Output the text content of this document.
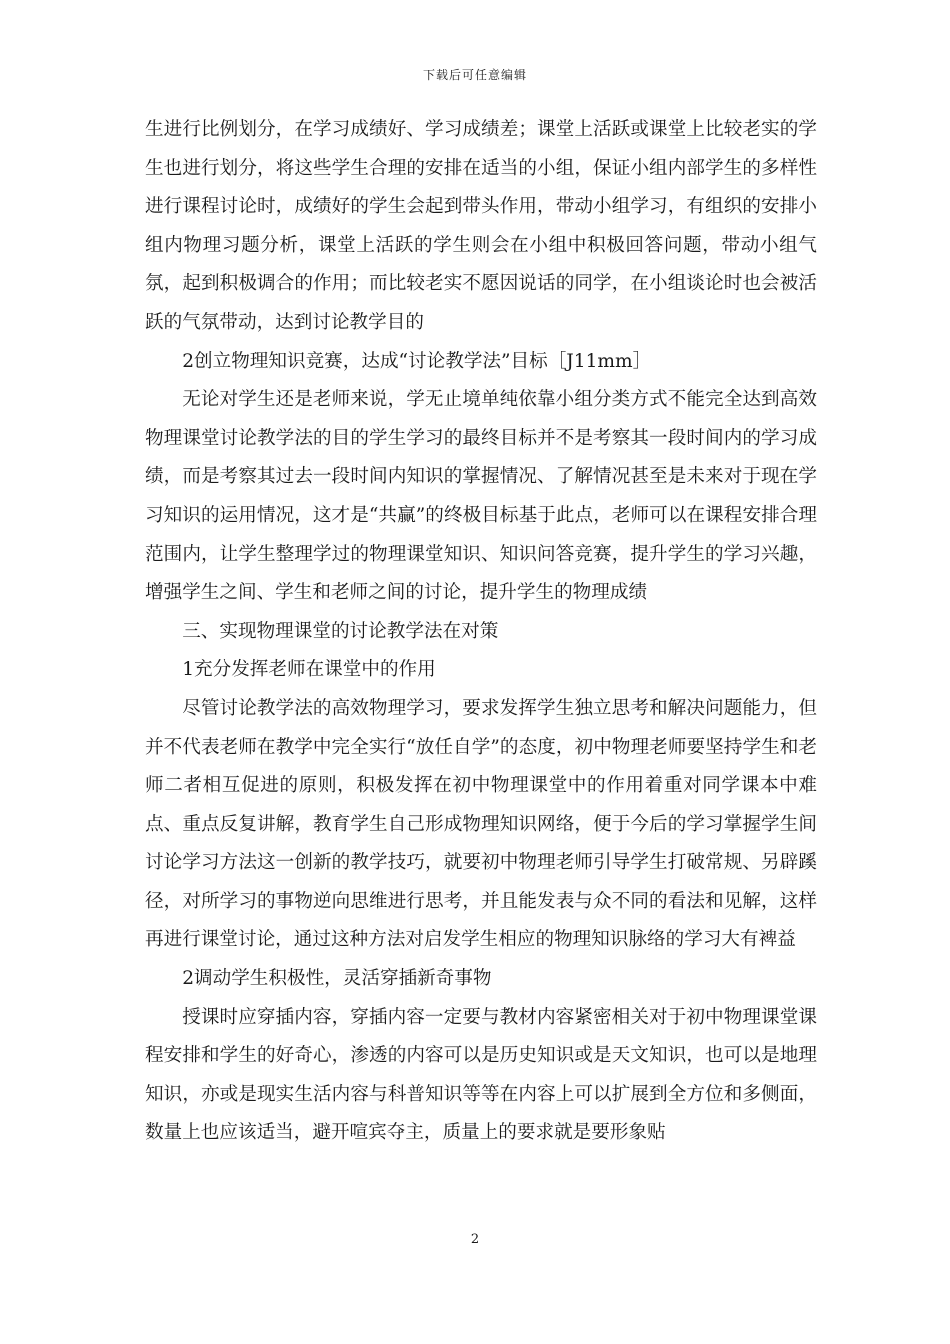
下载后可任意编辑

生进行比例划分，在学习成绩好、学习成绩差；课堂上活跃或课堂上比较老实的学生也进行划分，将这些学生合理的安排在适当的小组，保证小组内部学生的多样性进行课程讨论时，成绩好的学生会起到带头作用，带动小组学习，有组织的安排小组内物理习题分析，课堂上活跃的学生则会在小组中积极回答问题，带动小组气氛，起到积极调合的作用；而比较老实不愿因说话的同学，在小组谈论时也会被活跃的气氛带动，达到讨论教学目的

2创立物理知识竞赛，达成“讨论教学法”目标［J11mm］

无论对学生还是老师来说，学无止境单纯依靠小组分类方式不能完全达到高效物理课堂讨论教学法的目的学生学习的最终目标并不是考察其一段时间内的学习成绩，而是考察其过去一段时间内知识的掌握情况、了解情况甚至是未来对于现在学习知识的运用情况，这才是“共赢”的终极目标基于此点，老师可以在课程安排合理范围内，让学生整理学过的物理课堂知识、知识问答竞赛，提升学生的学习兴趣，增强学生之间、学生和老师之间的讨论，提升学生的物理成绩

三、实现物理课堂的讨论教学法在对策

1充分发挥老师在课堂中的作用

尽管讨论教学法的高效物理学习，要求发挥学生独立思考和解决问题能力，但并不代表老师在教学中完全实行“放任自学”的态度，初中物理老师要坚持学生和老师二者相互促进的原则，积极发挥在初中物理课堂中的作用着重对同学课本中难点、重点反复讲解，教育学生自己形成物理知识网络，便于今后的学习掌握学生间讨论学习方法这一创新的教学技巧，就要初中物理老师引导学生打破常规、另辟蹊径，对所学习的事物逆向思维进行思考，并且能发表与众不同的看法和见解，这样再进行课堂讨论，通过这种方法对启发学生相应的物理知识脉络的学习大有裨益

2调动学生积极性，灵活穿插新奇事物

授课时应穿插内容，穿插内容一定要与教材内容紧密相关对于初中物理课堂课程安排和学生的好奇心，渗透的内容可以是历史知识或是天文知识，也可以是地理知识，亦或是现实生活内容与科普知识等等在内容上可以扩展到全方位和多侧面，数量上也应该适当，避开喧宾夺主，质量上的要求就是要形象贴

2
